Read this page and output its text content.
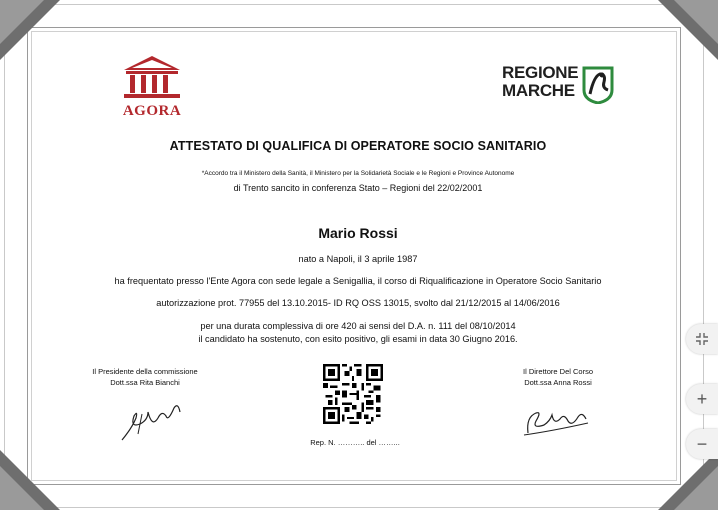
AGORA
REGIONE
MARCHE
ATTESTATO DI QUALIFICA DI OPERATORE SOCIO SANITARIO
*Accordo tra il Ministero della Sanità, il Ministero per la Solidarietà Sociale e le Regioni e Province Autonome
di Trento sancito in conferenza Stato – Regioni del 22/02/2001
Mario Rossi
nato a Napoli, il 3 aprile 1987
ha frequentato presso l'Ente Agora con sede legale a Senigallia, il corso di Riqualificazione in Operatore Socio Sanitario
autorizzazione prot. 77955 del 13.10.2015- ID RQ OSS 13015, svolto dal 21/12/2015 al 14/06/2016
per una durata complessiva di ore 420 ai sensi del D.A. n. 111 del 08/10/2014
il candidato ha sostenuto, con esito positivo, gli esami in data 30 Giugno 2016.
Il Presidente della commissione
Dott.ssa Rita Bianchi
Il Direttore Del Corso
Dott.ssa Anna Rossi
Rep. N. ……….. del ……...
+
−
